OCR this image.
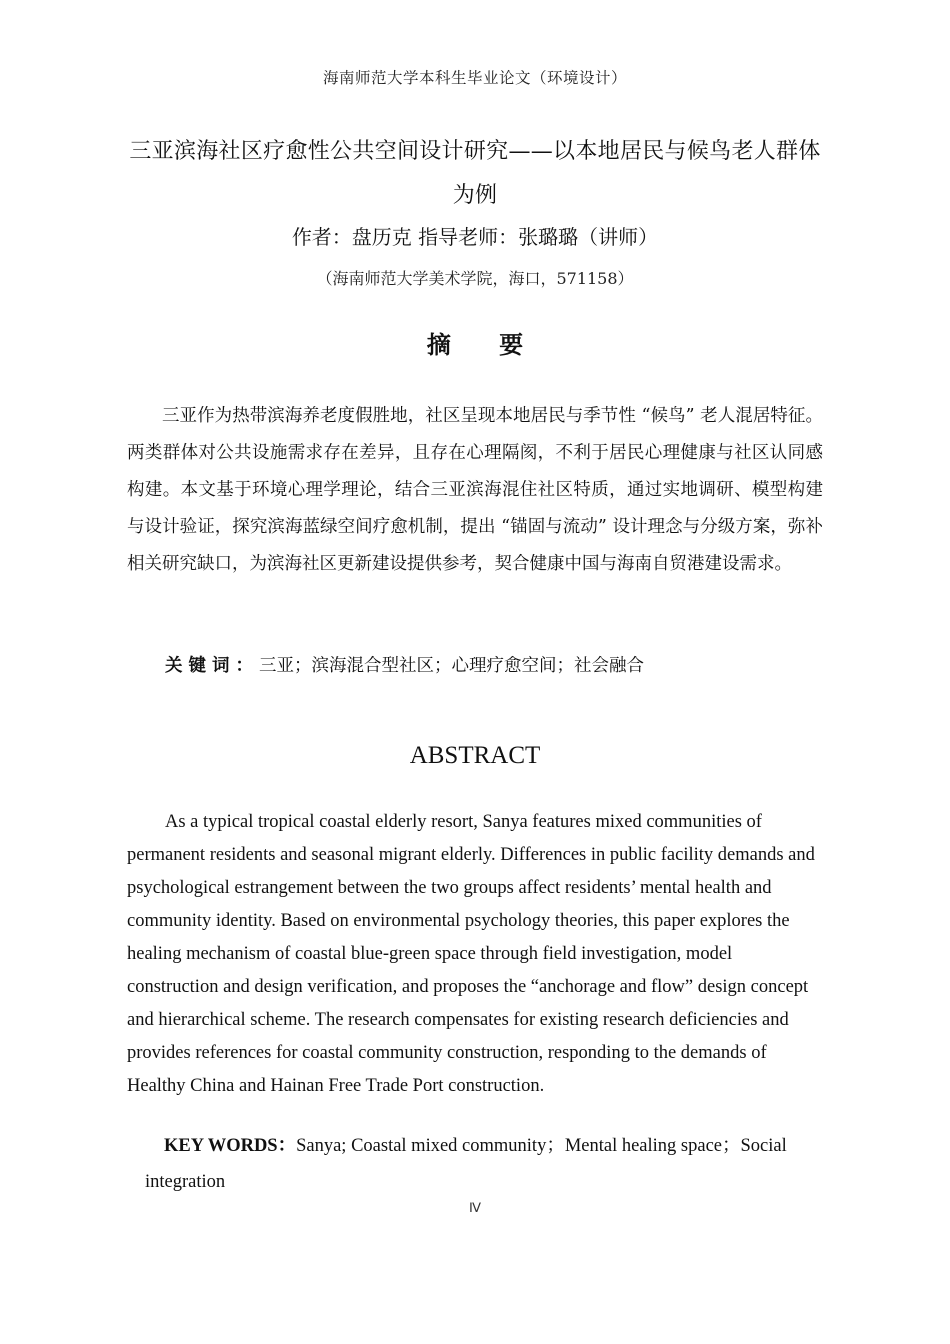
海南师范大学本科生毕业论文（环境设计）
三亚滨海社区疗愈性公共空间设计研究——以本地居民与候鸟老人群体为例
作者：盘历克 指导老师：张璐璐（讲师）
（海南师范大学美术学院，海口，571158）
摘 要

三亚作为热带滨海养老度假胜地，社区呈现本地居民与季节性 “候鸟” 老人混居特征。两类群体对公共设施需求存在差异，且存在心理隔阂，不利于居民心理健康与社区认同感构建。本文基于环境心理学理论，结合三亚滨海混住社区特质，通过实地调研、模型构建与设计验证，探究滨海蓝绿空间疗愈机制，提出 “锚固与流动” 设计理念与分级方案，弥补相关研究缺口，为滨海社区更新建设提供参考，契合健康中国与海南自贸港建设需求。

关键词：三亚；滨海混合型社区；心理疗愈空间；社会融合
ABSTRACT

As a typical tropical coastal elderly resort, Sanya features mixed communities of permanent residents and seasonal migrant elderly. Differences in public facility demands and psychological estrangement between the two groups affect residents’ mental health and community identity. Based on environmental psychology theories, this paper explores the healing mechanism of coastal blue-green space through field investigation, model construction and design verification, and proposes the “anchorage and flow” design concept and hierarchical scheme. The research compensates for existing research deficiencies and provides references for coastal community construction, responding to the demands of Healthy China and Hainan Free Trade Port construction.

KEY WORDS：Sanya; Coastal mixed community；Mental healing space；Social integration
Ⅳ
